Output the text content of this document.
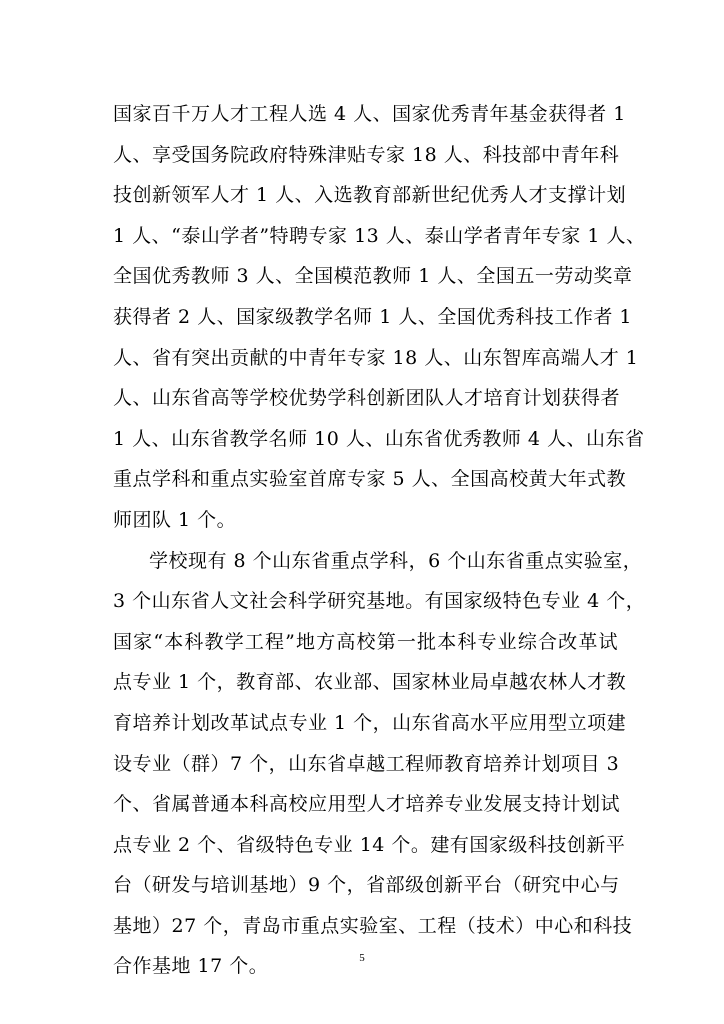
国家百千万人才工程人选 4 人、国家优秀青年基金获得者 1
人、享受国务院政府特殊津贴专家 18 人、科技部中青年科
技创新领军人才 1 人、入选教育部新世纪优秀人才支撑计划
1 人、“泰山学者”特聘专家 13 人、泰山学者青年专家 1 人、
全国优秀教师 3 人、全国模范教师 1 人、全国五一劳动奖章
获得者 2 人、国家级教学名师 1 人、全国优秀科技工作者 1
人、省有突出贡献的中青年专家 18 人、山东智库高端人才 1
人、山东省高等学校优势学科创新团队人才培育计划获得者
1 人、山东省教学名师 10 人、山东省优秀教师 4 人、山东省
重点学科和重点实验室首席专家 5 人、全国高校黄大年式教
师团队 1 个。
学校现有 8 个山东省重点学科，6 个山东省重点实验室，
3 个山东省人文社会科学研究基地。有国家级特色专业 4 个，
国家“本科教学工程”地方高校第一批本科专业综合改革试
点专业 1 个，教育部、农业部、国家林业局卓越农林人才教
育培养计划改革试点专业 1 个，山东省高水平应用型立项建
设专业（群）7 个，山东省卓越工程师教育培养计划项目 3
个、省属普通本科高校应用型人才培养专业发展支持计划试
点专业 2 个、省级特色专业 14 个。建有国家级科技创新平
台（研发与培训基地）9 个，省部级创新平台（研究中心与
基地）27 个，青岛市重点实验室、工程（技术）中心和科技
合作基地 17 个。	5
